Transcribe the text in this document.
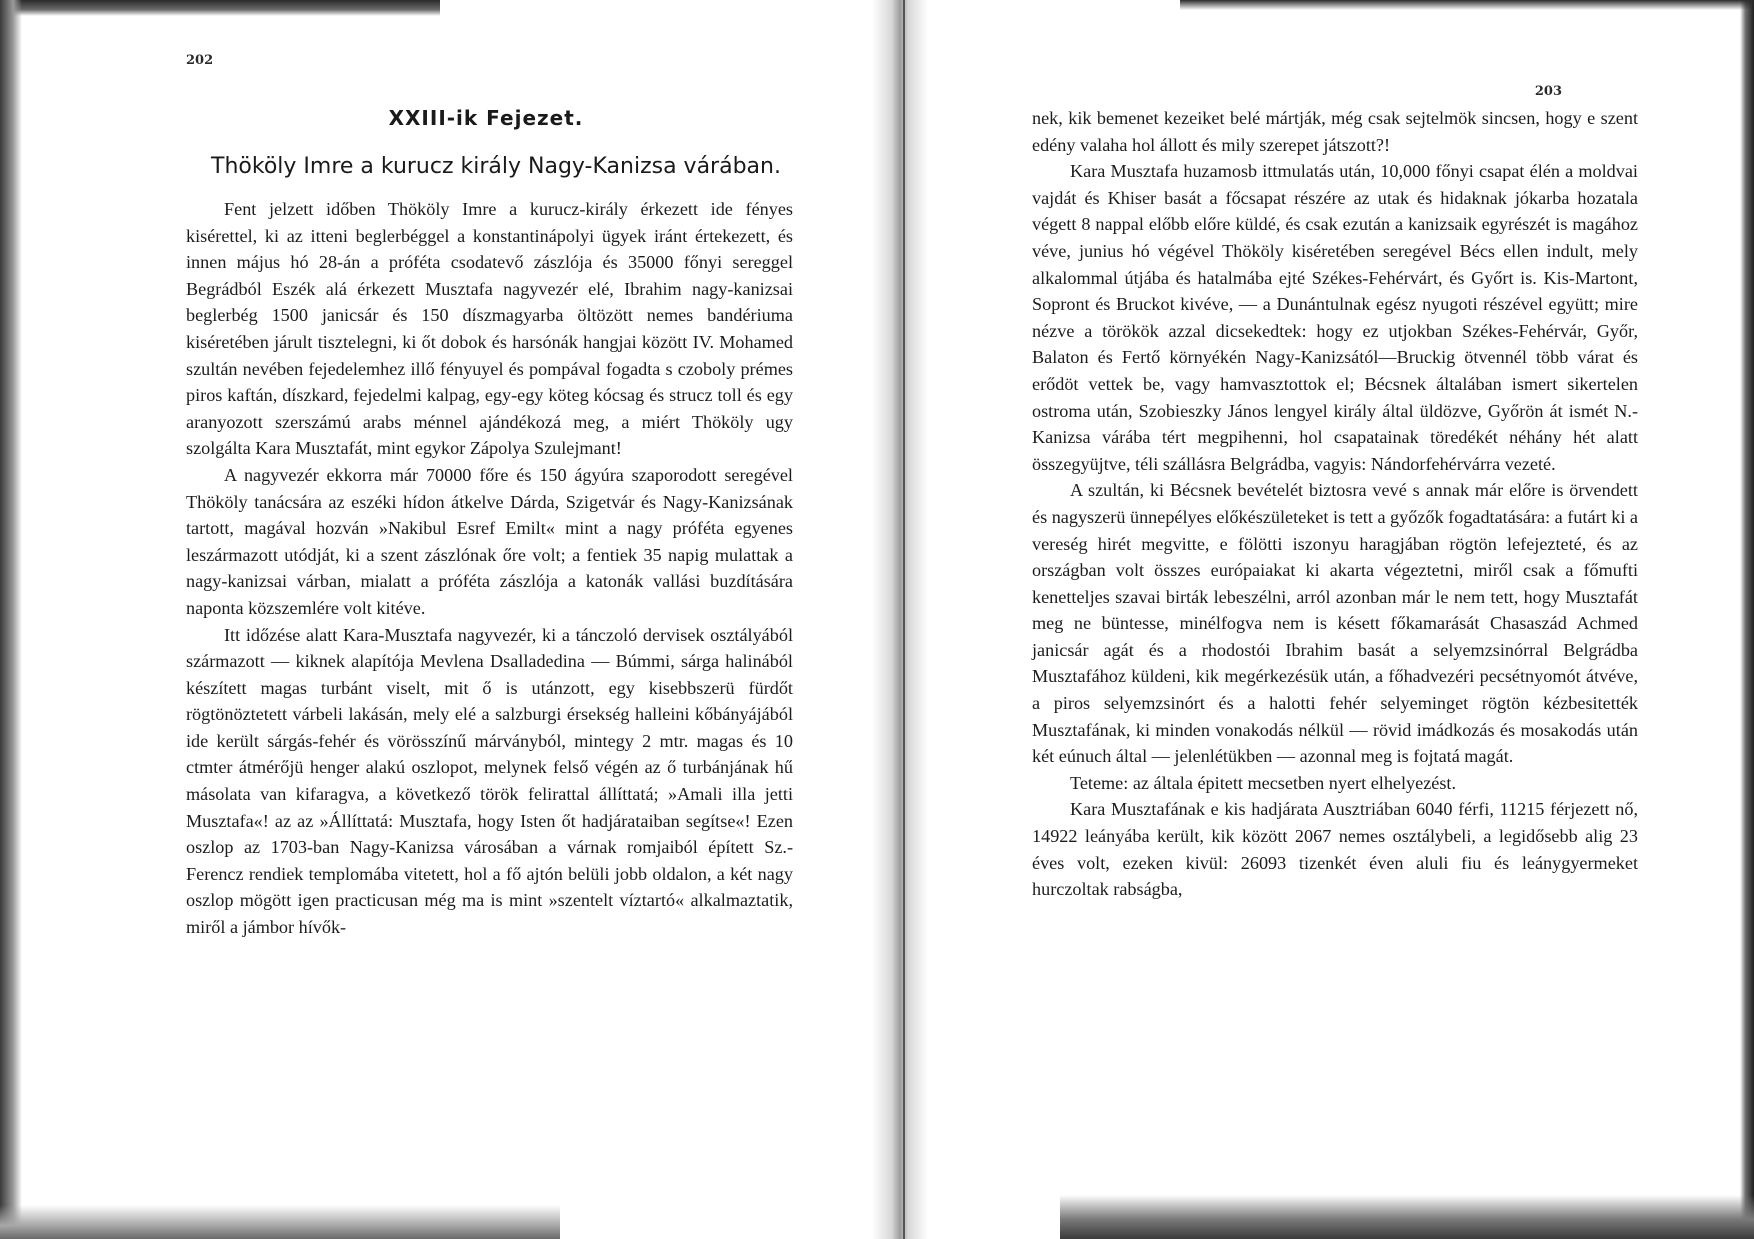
202
XXIII-ik Fejezet.
Thököly Imre a kurucz király Nagy-Kanizsa várában.

Fent jelzett időben Thököly Imre a kurucz-király érkezett ide fényes kisérettel, ki az itteni beglerbéggel a konstantinápolyi ügyek iránt értekezett, és innen május hó 28-án a próféta csodatevő zászlója és 35000 főnyi sereggel Begrádból Eszék alá érkezett Musztafa nagyvezér elé, Ibrahim nagy-kanizsai beglerbég 1500 janicsár és 150 díszmagyarba öltözött nemes bandériuma kiséretében járult tisztelegni, ki őt dobok és harsónák hangjai között IV. Mohamed szultán nevében fejedelemhez illő fényuyel és pompával fogadta s czoboly prémes piros kaftán, díszkard, fejedelmi kalpag, egy-egy köteg kócsag és strucz toll és egy aranyozott szerszámú arabs ménnel ajándékozá meg, a miért Thököly ugy szolgálta Kara Musztafát, mint egykor Zápolya Szulejmant!

A nagyvezér ekkorra már 70000 főre és 150 ágyúra szaporodott seregével Thököly tanácsára az eszéki hídon átkelve Dárda, Szigetvár és Nagy-Kanizsának tartott, magával hozván »Nakibul Esref Emilt« mint a nagy próféta egyenes leszármazott utódját, ki a szent zászlónak őre volt; a fentiek 35 napig mulattak a nagy-kanizsai várban, mialatt a próféta zászlója a katonák vallási buzdítására naponta közszemlére volt kitéve.

Itt időzése alatt Kara-Musztafa nagyvezér, ki a tánczoló dervisek osztályából származott — kiknek alapítója Mevlena Dsalladedina — Búmmi, sárga halinából készített magas turbánt viselt, mit ő is utánzott, egy kisebbszerü fürdőt rögtönöztetett várbeli lakásán, mely elé a salzburgi érsekség halleini kőbányájából ide került sárgás-fehér és vörösszínű márványból, mintegy 2 mtr. magas és 10 ctmter átmérőjü henger alakú oszlopot, melynek felső végén az ő turbánjának hű másolata van kifaragva, a következő török felirattal állíttatá; »Amali illa jetti Musztafa«! az az »Állíttatá: Musztafa, hogy Isten őt hadjárataiban segítse«! Ezen oszlop az 1703-ban Nagy-Kanizsa városában a várnak romjaiból épített Sz.-Ferencz rendiek templomába vitetett, hol a fő ajtón belüli jobb oldalon, a két nagy oszlop mögött igen practicusan még ma is mint »szentelt víztartó« alkalmaztatik, miről a jámbor hívők-

203

nek, kik bemenet kezeiket belé mártják, még csak sejtelmök sincsen, hogy e szent edény valaha hol állott és mily szerepet játszott?!

Kara Musztafa huzamosb ittmulatás után, 10,000 főnyi csapat élén a moldvai vajdát és Khiser basát a főcsapat részére az utak és hidaknak jókarba hozatala végett 8 nappal előbb előre küldé, és csak ezután a kanizsaik egyrészét is magához véve, junius hó végével Thököly kiséretében seregével Bécs ellen indult, mely alkalommal útjába és hatalmába ejté Székes-Fehérvárt, és Győrt is. Kis-Martont, Sopront és Bruckot kivéve, — a Dunántulnak egész nyugoti részével együtt; mire nézve a törökök azzal dicsekedtek: hogy ez utjokban Székes-Fehérvár, Győr, Balaton és Fertő környékén Nagy-Kanizsától—Bruckig ötvennél több várat és erődöt vettek be, vagy hamvasztottok el; Bécsnek általában ismert sikertelen ostroma után, Szobieszky János lengyel király által üldözve, Győrön át ismét N.-Kanizsa várába tért megpihenni, hol csapatainak töredékét néhány hét alatt összegyüjtve, téli szállásra Belgrádba, vagyis: Nándorfehérvárra vezeté.

A szultán, ki Bécsnek bevételét biztosra vevé s annak már előre is örvendett és nagyszerü ünnepélyes előkészületeket is tett a győzők fogadtatására: a futárt ki a vereség hirét megvitte, e fölötti iszonyu haragjában rögtön lefejezteté, és az országban volt összes európaiakat ki akarta végeztetni, miről csak a főmufti kenetteljes szavai birták lebeszélni, arról azonban már le nem tett, hogy Musztafát meg ne büntesse, minélfogva nem is késett főkamarását Chasaszád Achmed janicsár agát és a rhodostói Ibrahim basát a selyemzsinórral Belgrádba Musztafához küldeni, kik megérkezésük után, a főhadvezéri pecsétnyomót átvéve, a piros selyemzsinórt és a halotti fehér selyeminget rögtön kézbesitették Musztafának, ki minden vonakodás nélkül — rövid imádkozás és mosakodás után két eúnuch által — jelenlétükben — azonnal meg is fojtatá magát.

Teteme: az általa épitett mecsetben nyert elhelyezést.

Kara Musztafának e kis hadjárata Ausztriában 6040 férfi, 11215 férjezett nő, 14922 leányába került, kik között 2067 nemes osztálybeli, a legidősebb alig 23 éves volt, ezeken kivül: 26093 tizenkét éven aluli fiu és leánygyermeket hurczoltak rabságba,
